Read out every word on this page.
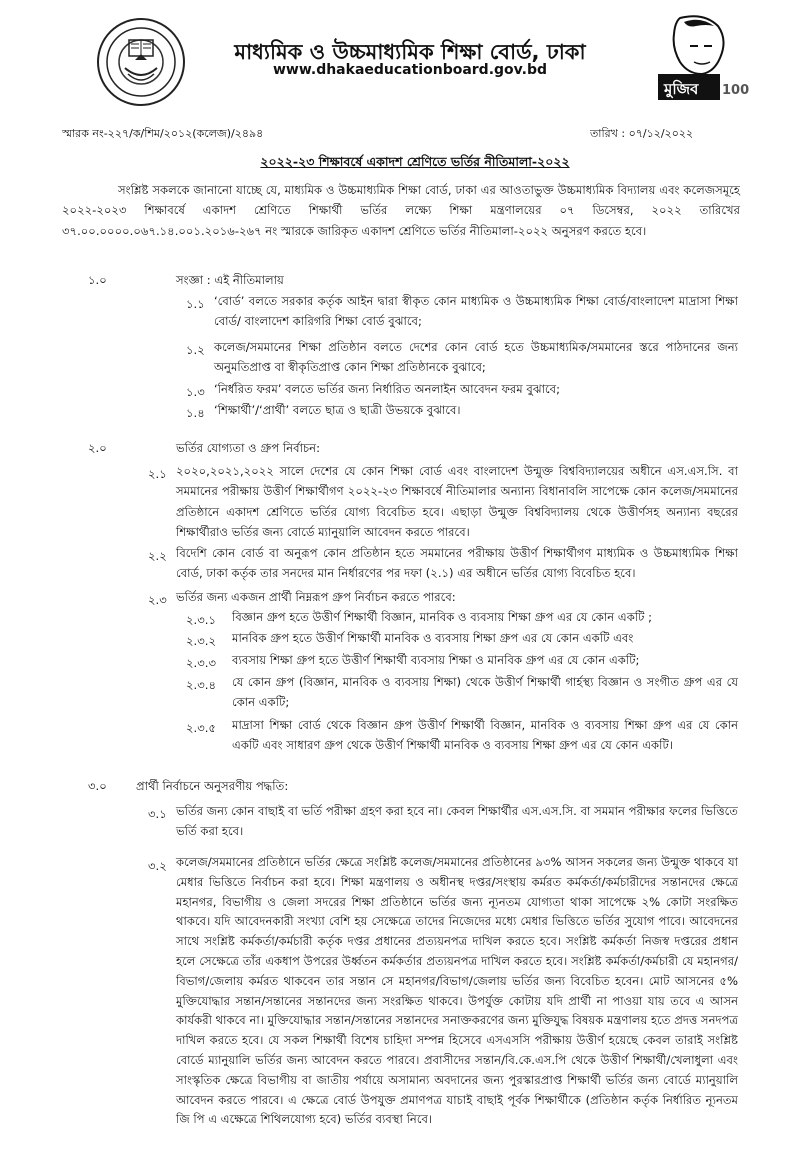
মাধ্যমিক ও উচ্চমাধ্যমিক শিক্ষা বোর্ড, ঢাকা
www.dhakaeducationboard.gov.bd
মুজিব 100
স্মারক নং-২২৭/ক/শিম/২০১২(কলেজ)/২৪৯৪	তারিখ : ০৭/১২/২০২২
২০২২-২৩ শিক্ষাবর্ষে একাদশ শ্রেণিতে ভর্তির নীতিমালা-২০২২
সংশ্লিষ্ট সকলকে জানানো যাচ্ছে যে, মাধ্যমিক ও উচ্চমাধ্যমিক শিক্ষা বোর্ড, ঢাকা এর আওতাভুক্ত উচ্চমাধ্যমিক বিদ্যালয় এবং কলেজসমূহে ২০২২-২০২৩ শিক্ষাবর্ষে একাদশ শ্রেণিতে শিক্ষার্থী ভর্তির লক্ষ্যে শিক্ষা মন্ত্রণালয়ের ০৭ ডিসেম্বর, ২০২২ তারিখের ৩৭.০০.০০০০.০৬৭.১৪.০০১.২০১৬-২৬৭ নং স্মারকে জারিকৃত একাদশ শ্রেণিতে ভর্তির নীতিমালা-২০২২ অনুসরণ করতে হবে।
১.০	সংজ্ঞা : এই নীতিমালায়
১.১ ‘বোর্ড’ বলতে সরকার কর্তৃক আইন দ্বারা স্বীকৃত কোন মাধ্যমিক ও উচ্চমাধ্যমিক শিক্ষা বোর্ড/বাংলাদেশ মাদ্রাসা শিক্ষা বোর্ড/ বাংলাদেশ কারিগরি শিক্ষা বোর্ড বুঝাবে;
১.২ কলেজ/সমমানের শিক্ষা প্রতিষ্ঠান বলতে দেশের কোন বোর্ড হতে উচ্চমাধ্যমিক/সমমানের স্তরে পাঠদানের জন্য অনুমতিপ্রাপ্ত বা স্বীকৃতিপ্রাপ্ত কোন শিক্ষা প্রতিষ্ঠানকে বুঝাবে;
১.৩ ‘নির্ধরিত ফরম’ বলতে ভর্তির জন্য নির্ধারিত অনলাইন আবেদন ফরম বুঝাবে;
১.৪ ‘শিক্ষার্থী’/‘প্রার্থী’ বলতে ছাত্র ও ছাত্রী উভয়কে বুঝাবে।
২.০	ভর্তির যোগ্যতা ও গ্রুপ নির্বাচন:
২.১ ২০২০,২০২১,২০২২ সালে দেশের যে কোন শিক্ষা বোর্ড এবং বাংলাদেশ উন্মুক্ত বিশ্ববিদ্যালয়ের অধীনে এস.এস.সি. বা সমমানের পরীক্ষায় উত্তীর্ণ শিক্ষার্থীগণ ২০২২-২৩ শিক্ষাবর্ষে নীতিমালার অন্যান্য বিধানাবলি সাপেক্ষে কোন কলেজ/সমমানের প্রতিষ্ঠানে একাদশ শ্রেণিতে ভর্তির যোগ্য বিবেচিত হবে। এছাড়া উন্মুক্ত বিশ্ববিদ্যালয় থেকে উত্তীর্ণসহ অন্যান্য বছরের শিক্ষার্থীরাও ভর্তির জন্য বোর্ডে ম্যানুয়ালি আবেদন করতে পারবে।
২.২ বিদেশি কোন বোর্ড বা অনুরূপ কোন প্রতিষ্ঠান হতে সমমানের পরীক্ষায় উত্তীর্ণ শিক্ষার্থীগণ মাধ্যমিক ও উচ্চমাধ্যমিক শিক্ষা বোর্ড, ঢাকা কর্তৃক তার সনদের মান নির্ধারণের পর দফা (২.১) এর অধীনে ভর্তির যোগ্য বিবেচিত হবে।
২.৩ ভর্তির জন্য একজন প্রার্থী নিম্নরূপ গ্রুপ নির্বাচন করতে পারবে:
২.৩.১ বিজ্ঞান গ্রুপ হতে উত্তীর্ণ শিক্ষার্থী বিজ্ঞান, মানবিক ও ব্যবসায় শিক্ষা গ্রুপ এর যে কোন একটি ;
২.৩.২ মানবিক গ্রুপ হতে উত্তীর্ণ শিক্ষার্থী মানবিক ও ব্যবসায় শিক্ষা গ্রুপ এর যে কোন একটি এবং
২.৩.৩ ব্যবসায় শিক্ষা গ্রুপ হতে উত্তীর্ণ শিক্ষার্থী ব্যবসায় শিক্ষা ও মানবিক গ্রুপ এর যে কোন একটি;
২.৩.৪ যে কোন গ্রুপ (বিজ্ঞান, মানবিক ও ব্যবসায় শিক্ষা) থেকে উত্তীর্ণ শিক্ষার্থী গার্হস্থ্য বিজ্ঞান ও সংগীত গ্রুপ এর যে কোন একটি;
২.৩.৫ মাদ্রাসা শিক্ষা বোর্ড থেকে বিজ্ঞান গ্রুপ উত্তীর্ণ শিক্ষার্থী বিজ্ঞান, মানবিক ও ব্যবসায় শিক্ষা গ্রুপ এর যে কোন একটি এবং সাধারণ গ্রুপ থেকে উত্তীর্ণ শিক্ষার্থী মানবিক ও ব্যবসায় শিক্ষা গ্রুপ এর যে কোন একটি।
৩.০	প্রার্থী নির্বাচনে অনুসরণীয় পদ্ধতি:
৩.১ ভর্তির জন্য কোন বাছাই বা ভর্তি পরীক্ষা গ্রহণ করা হবে না। কেবল শিক্ষার্থীর এস.এস.সি. বা সমমান পরীক্ষার ফলের ভিত্তিতে ভর্তি করা হবে।
৩.২ কলেজ/সমমানের প্রতিষ্ঠানে ভর্তির ক্ষেত্রে সংশ্লিষ্ট কলেজ/সমমানের প্রতিষ্ঠানের ৯৩% আসন সকলের জন্য উন্মুক্ত থাকবে যা মেধার ভিত্তিতে নির্বাচন করা হবে। শিক্ষা মন্ত্রণালয় ও অধীনস্থ দপ্তর/সংস্থায় কর্মরত কর্মকর্তা/কর্মচারীদের সন্তানদের ক্ষেত্রে মহানগর, বিভাগীয় ও জেলা সদরের শিক্ষা প্রতিষ্ঠানে ভর্তির জন্য ন্যূনতম যোগ্যতা থাকা সাপেক্ষে ২% কোটা সংরক্ষিত থাকবে। যদি আবেদনকারী সংখ্যা বেশি হয় সেক্ষেত্রে তাদের নিজেদের মধ্যে মেধার ভিত্তিতে ভর্তির সুযোগ পাবে। আবেদনের সাথে সংশ্লিষ্ট কর্মকর্তা/কর্মচারী কর্তৃক দপ্তর প্রধানের প্রত্যয়নপত্র দাখিল করতে হবে। সংশ্লিষ্ট কর্মকর্তা নিজস্ব দপ্তরের প্রধান হলে সেক্ষেত্রে তাঁর একধাপ উপরের উর্ধ্বতন কর্মকর্তার প্রত্যয়নপত্র দাখিল করতে হবে। সংশ্লিষ্ট কর্মকর্তা/কর্মচারী যে মহানগর/বিভাগ/জেলায় কর্মরত থাকবেন তার সন্তান সে মহানগর/বিভাগ/জেলায় ভর্তির জন্য বিবেচিত হবেন। মোট আসনের ৫% মুক্তিযোদ্ধার সন্তান/সন্তানের সন্তানদের জন্য সংরক্ষিত থাকবে। উপর্যুক্ত কোটায় যদি প্রার্থী না পাওয়া যায় তবে এ আসন কার্যকরী থাকবে না। মুক্তিযোদ্ধার সন্তান/সন্তানের সন্তানদের সনাক্তকরণের জন্য মুক্তিযুদ্ধ বিষয়ক মন্ত্রণালয় হতে প্রদত্ত সনদপত্র দাখিল করতে হবে। যে সকল শিক্ষার্থী বিশেষ চাহিদা সম্পন্ন হিসেবে এসএসসি পরীক্ষায় উত্তীর্ণ হয়েছে কেবল তারাই সংশ্লিষ্ট বোর্ডে ম্যানুয়ালি ভর্তির জন্য আবেদন করতে পারবে। প্রবাসীদের সন্তান/বি.কে.এস.পি থেকে উত্তীর্ণ শিক্ষার্থী/খেলাধুলা এবং সাংস্কৃতিক ক্ষেত্রে বিভাগীয় বা জাতীয় পর্যায়ে অসামান্য অবদানের জন্য পুরস্কারপ্রাপ্ত শিক্ষার্থী ভর্তির জন্য বোর্ডে ম্যানুয়ালি আবেদন করতে পারবে। এ ক্ষেত্রে বোর্ড উপযুক্ত প্রমাণপত্র যাচাই বাছাই পূর্বক শিক্ষার্থীকে (প্রতিষ্ঠান কর্তৃক নির্ধারিত ন্যূনতম জি পি এ এক্ষেত্রে শিথিলযোগ্য হবে) ভর্তির ব্যবস্থা নিবে।
